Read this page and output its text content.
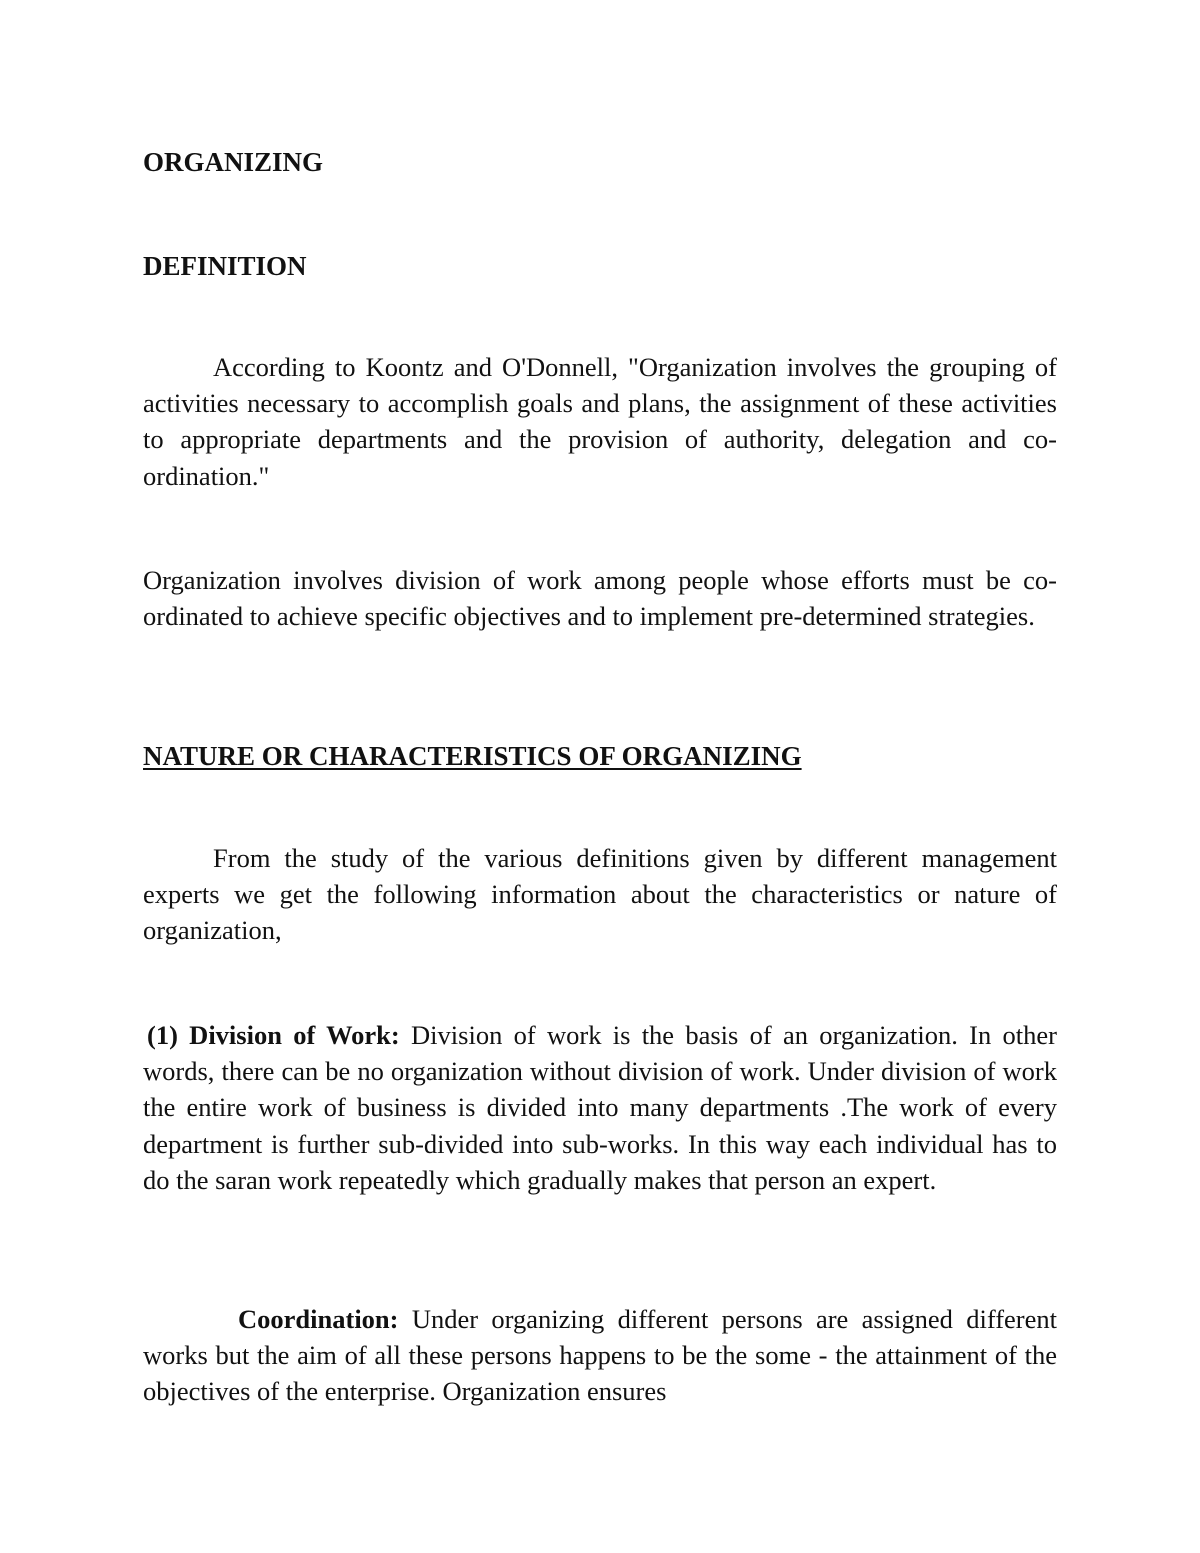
ORGANIZING
DEFINITION

According to Koontz and O'Donnell, "Organization involves the grouping of activities necessary to accomplish goals and plans, the assignment of these activities to appropriate departments and the provision of authority, delegation and co-ordination."

Organization involves division of work among people whose efforts must be co-ordinated to achieve specific objectives and to implement pre-determined strategies.

NATURE OR CHARACTERISTICS OF ORGANIZING

From the study of the various definitions given by different management experts we get the following information about the characteristics or nature of organization,

(1) Division of Work: Division of work is the basis of an organization. In other words, there can be no organization without division of work. Under division of work the entire work of business is divided into many departments .The work of every department is further sub-divided into sub-works. In this way each individual has to do the saran work repeatedly which gradually makes that person an expert.

Coordination: Under organizing different persons are assigned different works but the aim of all these persons happens to be the some - the attainment of the objectives of the enterprise. Organization ensures
